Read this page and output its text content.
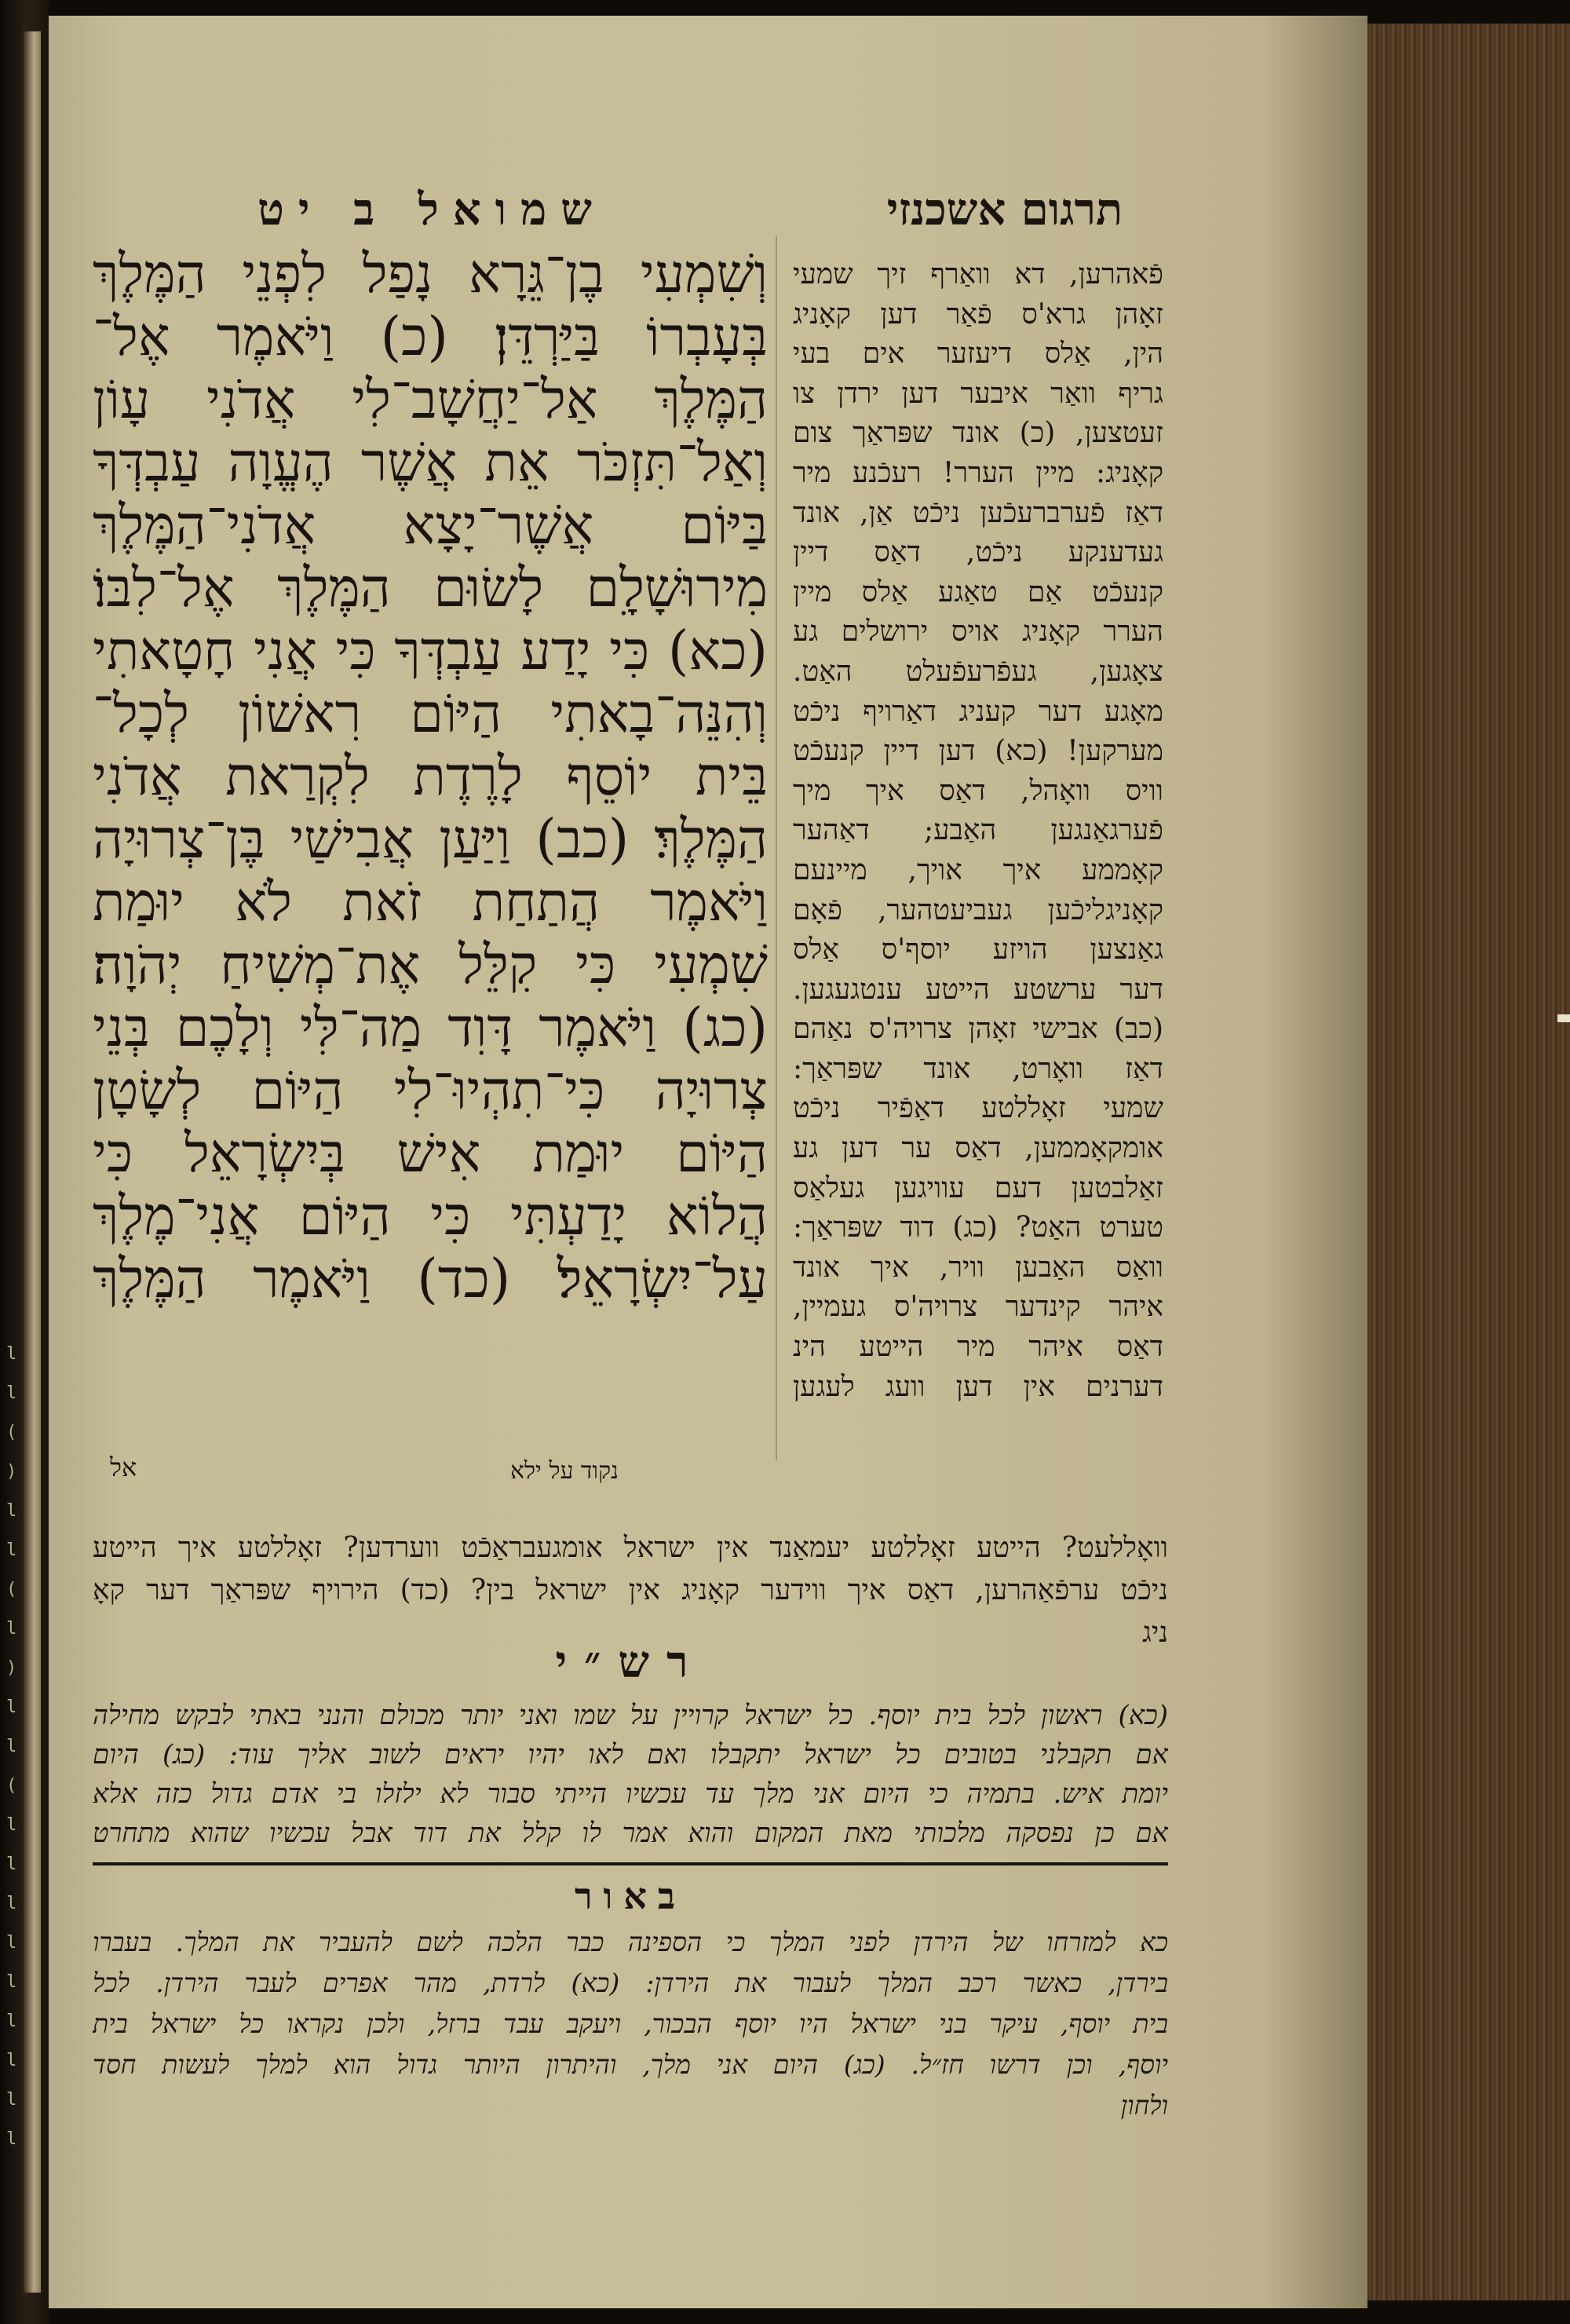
l
l
(
)
l
l
(
l
)
l
l
(
l
l
l
l
l
l
l
l
l
שמואל ב יט	תרגום אשכנזי
וְשִׁמְעִי בֶן־גֵּרָא נָפַל לִפְנֵי הַמֶּלֶךְ
בְּעָבְרוֹ בַּיַּרְדֵּן׃ (כ) וַיֹּאמֶר אֶל־
הַמֶּלֶךְ אַל־יַחֲשָׁב־לִי אֲדֹנִי עָוֹן
וְאַל־תִּזְכֹּר אֵת אֲשֶׁר הֶעֱוָה עַבְדְּךָ
בַּיּוֹם אֲשֶׁר־יָצָא אֲדֹנִי־הַמֶּלֶךְ
מִירוּשָׁלָ͏ִם לָשׂוּם הַמֶּלֶךְ אֶל־לִבּוֹ׃
(כא) כִּי יָדַע עַבְדְּךָ כִּי אֲנִי חָטָאתִי
וְהִנֵּה־בָאתִי הַיּוֹם רִאשׁוֹן לְכָל־
בֵּית יוֹסֵף לָרֶדֶת לִקְרַאת אֲדֹנִי
הַמֶּלֶךְ׃ (כב) וַיַּעַן אֲבִישַׁי בֶּן־צְרוּיָה
וַיֹּאמֶר הֲתַחַת זֹאת לֹא יוּמַת
שִׁמְעִי כִּי קִלֵּל אֶת־מְשִׁיחַ יְהֹוָה׃
(כג) וַיֹּאמֶר דָּוִד מַה־לִּי וְלָכֶם בְּנֵי
צְרוּיָה כִּי־תִהְיוּ־לִי הַיּוֹם לְשָׂטָן
הַיּוֹם יוּמַת אִישׁ בְּיִשְׂרָאֵל כִּי
הֲלוֹא יָדַעְתִּי כִּי הַיּוֹם אֲנִי־מֶלֶךְ
עַל־יִשְׂרָאֵל׃ (כד) וַיֹּאמֶר הַמֶּלֶךְ
פֿאהרען, דא וואַרף זיך שמעי
זאָהן גרא'ס פֿאַר דען קאָניג
הין, אַלס דיעזער אים בעי
גריף וואַר איבער דען ירדן צו
זעטצען, (כ) אונד שפּראַך צום
קאָניג: מיין הערר! רעכֿנע מיר
דאַז פֿערברעכֿען ניכֿט אַן, אונד
געדענקע ניכֿט, דאַס דיין
קנעכֿט אַם טאַגע אַלס מיין
הערר קאָניג אויס ירושלים גע
צאָגען, געפֿרעפֿעלט האַט.
מאָגע דער קעניג דאַרויף ניכֿט
מערקען! (כא) דען דיין קנעכֿט
וויס וואָהל, דאַס איך מיך
פֿערגאַנגען האַבע; דאַהער
קאָממע איך אויך, מיינעם
קאָניגליכֿען געביעטהער, פֿאָם
גאַנצען הויזע יוסף'ס אַלס
דער ערשטע הייטע ענטגעגען.
(כב) אבישי זאָהן צרויה'ס נאַהם
דאַז וואָרט, אונד שפּראַך:
שמעי זאָללטע דאַפֿיר ניכֿט
אומקאָממען, דאַס ער דען גע
זאַלבטען דעם עוויגען געלאַס
טערט האַט? (כג) דוד שפּראַך:
וואַס האַבען וויר, איך אונד
איהר קינדער צרויה'ס געמיין,
דאַס איהר מיר הייטע הינ
דערנים אין דען וועג לעגען
אל	נקוד על ילא
וואָללעט? הייטע זאָללטע יעמאַנד אין ישראל אומגעבראַכֿט ווערדען? זאָללטע איך הייטע
ניכֿט ערפֿאַהרען, דאַס איך ווידער קאָניג אין ישראל בין? (כד) הירויף שפּראַך דער קאָ
ניג
רש״י
(כא) ראשון לכל בית יוסף. כל ישראל קרויין על שמו ואני יותר מכולם והנני באתי לבקש מחילה
אם תקבלני בטובים כל ישראל יתקבלו ואם לאו יהיו יראים לשוב אליך עוד: (כג) היום
יומת איש. בתמיה כי היום אני מלך עד עכשיו הייתי סבור לא ילזלו בי אדם גדול כזה אלא
אם כן נפסקה מלכותי מאת המקום והוא אמר לו קלל את דוד אבל עכשיו שהוא מתחרט
באור
כא למזרחו של הירדן לפני המלך כי הספינה כבר הלכה לשם להעביר את המלך. בעברו
בירדן, כאשר רכב המלך לעבור את הירדן: (כא) לרדת, מהר אפרים לעבר הירדן. לכל
בית יוסף, עיקר בני ישראל היו יוסף הבכור, ויעקב עבד ברזל, ולכן נקראו כל ישראל בית
יוסף, וכן דרשו חז״ל. (כג) היום אני מלך, והיתרון היותר גדול הוא למלך לעשות חסד
ולחון
